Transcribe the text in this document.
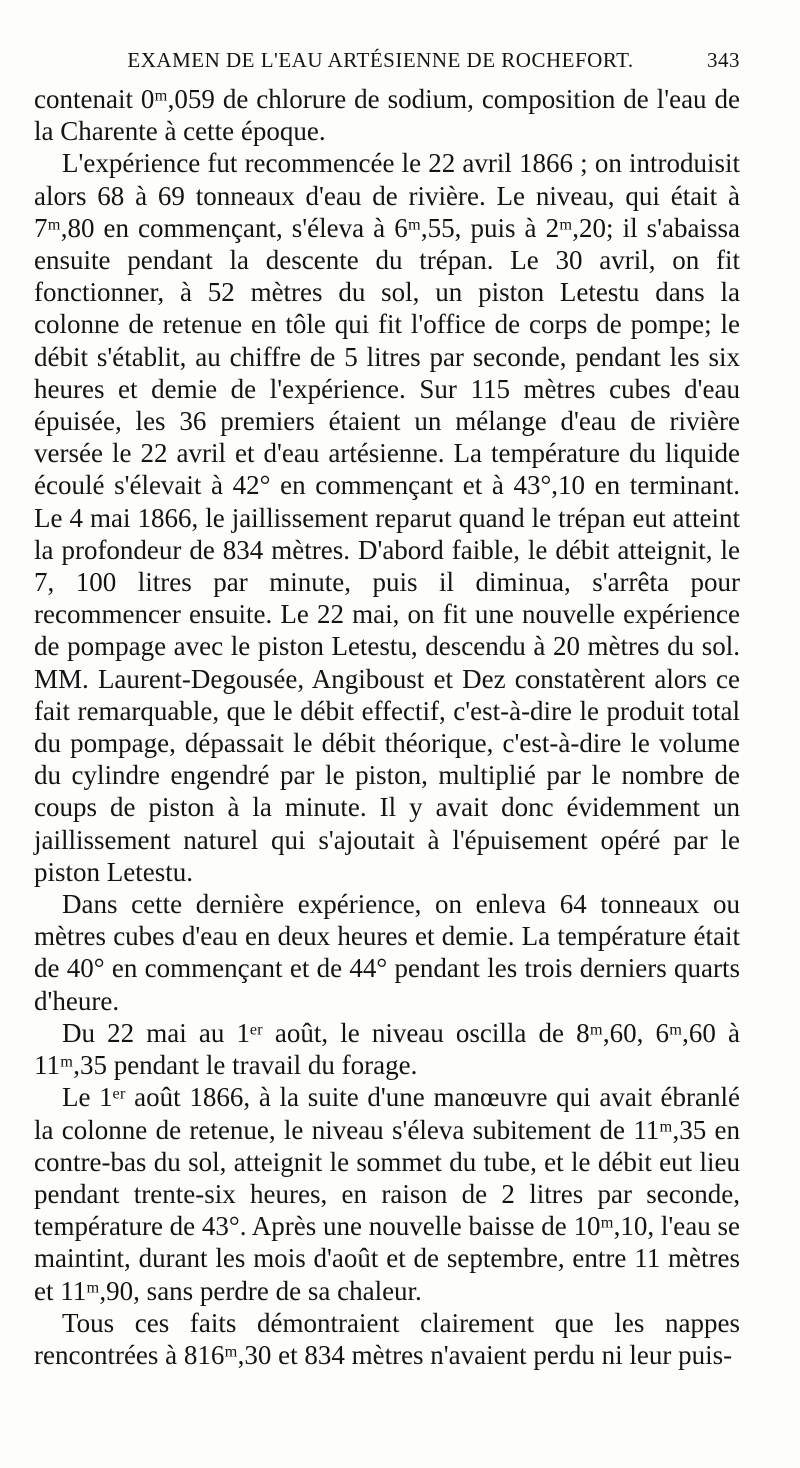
EXAMEN DE L'EAU ARTÉSIENNE DE ROCHEFORT.	343

contenait 0ᵐ,059 de chlorure de sodium, composition de l'eau de la Charente à cette époque.

L'expérience fut recommencée le 22 avril 1866 ; on introduisit alors 68 à 69 tonneaux d'eau de rivière. Le niveau, qui était à 7ᵐ,80 en commençant, s'éleva à 6ᵐ,55, puis à 2ᵐ,20; il s'abaissa ensuite pendant la descente du trépan. Le 30 avril, on fit fonctionner, à 52 mètres du sol, un piston Letestu dans la colonne de retenue en tôle qui fit l'office de corps de pompe; le débit s'établit, au chiffre de 5 litres par seconde, pendant les six heures et demie de l'expérience. Sur 115 mètres cubes d'eau épuisée, les 36 premiers étaient un mélange d'eau de rivière versée le 22 avril et d'eau artésienne. La température du liquide écoulé s'élevait à 42° en commençant et à 43°,10 en terminant. Le 4 mai 1866, le jaillissement reparut quand le trépan eut atteint la profondeur de 834 mètres. D'abord faible, le débit atteignit, le 7, 100 litres par minute, puis il diminua, s'arrêta pour recommencer ensuite. Le 22 mai, on fit une nouvelle expérience de pompage avec le piston Letestu, descendu à 20 mètres du sol. MM. Laurent-Degousée, Angiboust et Dez constatèrent alors ce fait remarquable, que le débit effectif, c'est-à-dire le produit total du pompage, dépassait le débit théorique, c'est-à-dire le volume du cylindre engendré par le piston, multiplié par le nombre de coups de piston à la minute. Il y avait donc évidemment un jaillissement naturel qui s'ajoutait à l'épuisement opéré par le piston Letestu.

Dans cette dernière expérience, on enleva 64 tonneaux ou mètres cubes d'eau en deux heures et demie. La température était de 40° en commençant et de 44° pendant les trois derniers quarts d'heure.

Du 22 mai au 1ᵉʳ août, le niveau oscilla de 8ᵐ,60, 6ᵐ,60 à 11ᵐ,35 pendant le travail du forage.

Le 1ᵉʳ août 1866, à la suite d'une manœuvre qui avait ébranlé la colonne de retenue, le niveau s'éleva subitement de 11ᵐ,35 en contre-bas du sol, atteignit le sommet du tube, et le débit eut lieu pendant trente-six heures, en raison de 2 litres par seconde, température de 43°. Après une nouvelle baisse de 10ᵐ,10, l'eau se maintint, durant les mois d'août et de septembre, entre 11 mètres et 11ᵐ,90, sans perdre de sa chaleur.

Tous ces faits démontraient clairement que les nappes rencontrées à 816ᵐ,30 et 834 mètres n'avaient perdu ni leur puis-
